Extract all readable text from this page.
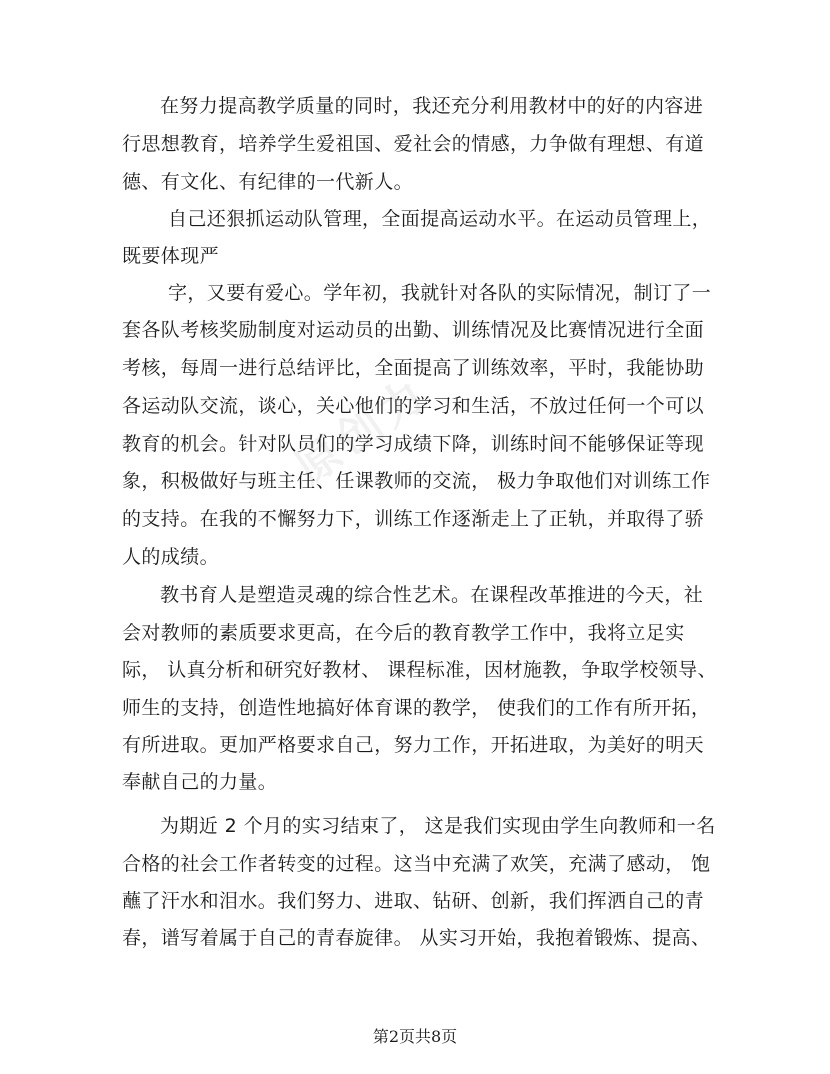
原创力
在努力提高教学质量的同时，我还充分利用教材中的好的内容进
行思想教育，培养学生爱祖国、爱社会的情感，力争做有理想、有道
德、有文化、有纪律的一代新人。
自己还狠抓运动队管理，全面提高运动水平。在运动员管理上，
既要体现严
字，又要有爱心。学年初，我就针对各队的实际情况，制订了一
套各队考核奖励制度对运动员的出勤、训练情况及比赛情况进行全面
考核，每周一进行总结评比，全面提高了训练效率，平时，我能协助
各运动队交流，谈心，关心他们的学习和生活，不放过任何一个可以
教育的机会。针对队员们的学习成绩下降，训练时间不能够保证等现
象，积极做好与班主任、任课教师的交流， 极力争取他们对训练工作
的支持。在我的不懈努力下，训练工作逐渐走上了正轨，并取得了骄
人的成绩。
教书育人是塑造灵魂的综合性艺术。在课程改革推进的今天，社
会对教师的素质要求更高，在今后的教育教学工作中，我将立足实
际， 认真分析和研究好教材、 课程标准，因材施教，争取学校领导、
师生的支持，创造性地搞好体育课的教学， 使我们的工作有所开拓，
有所进取。更加严格要求自己，努力工作，开拓进取，为美好的明天
奉献自己的力量。
为期近 2 个月的实习结束了， 这是我们实现由学生向教师和一名
合格的社会工作者转变的过程。这当中充满了欢笑，充满了感动， 饱
蘸了汗水和泪水。我们努力、进取、钻研、创新，我们挥洒自己的青
春，谱写着属于自己的青春旋律。 从实习开始，我抱着锻炼、提高、
第2页共8页
